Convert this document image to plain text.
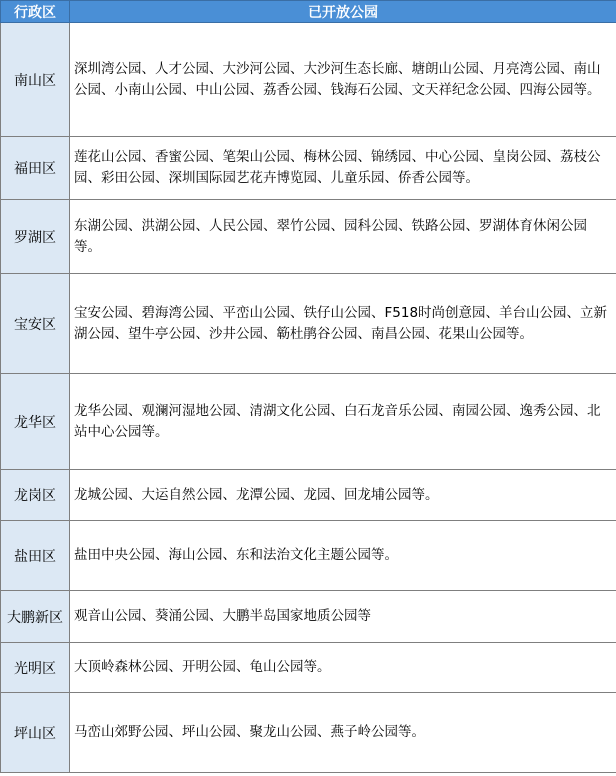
行政区	已开放公园
南山区	深圳湾公园、人才公园、大沙河公园、大沙河生态长廊、塘朗山公园、月亮湾公园、南山公园、小南山公园、中山公园、荔香公园、钱海石公园、文天祥纪念公园、四海公园等。

福田区	莲花山公园、香蜜公园、笔架山公园、梅林公园、锦绣园、中心公园、皇岗公园、荔枝公园、彩田公园、深圳国际园艺花卉博览园、儿童乐园、侨香公园等。

罗湖区	东湖公园、洪湖公园、人民公园、翠竹公园、园科公园、铁路公园、罗湖体育休闲公园等。

宝安区	宝安公园、碧海湾公园、平峦山公园、铁仔山公园、F518时尚创意园、羊台山公园、立新湖公园、望牛亭公园、沙井公园、簕杜鹃谷公园、南昌公园、花果山公园等。

龙华区	龙华公园、观澜河湿地公园、清湖文化公园、白石龙音乐公园、南园公园、逸秀公园、北站中心公园等。

龙岗区	龙城公园、大运自然公园、龙潭公园、龙园、回龙埔公园等。

盐田区	盐田中央公园、海山公园、东和法治文化主题公园等。

大鹏新区	观音山公园、葵涌公园、大鹏半岛国家地质公园等

光明区	大顶岭森林公园、开明公园、龟山公园等。

坪山区	马峦山郊野公园、坪山公园、聚龙山公园、燕子岭公园等。
